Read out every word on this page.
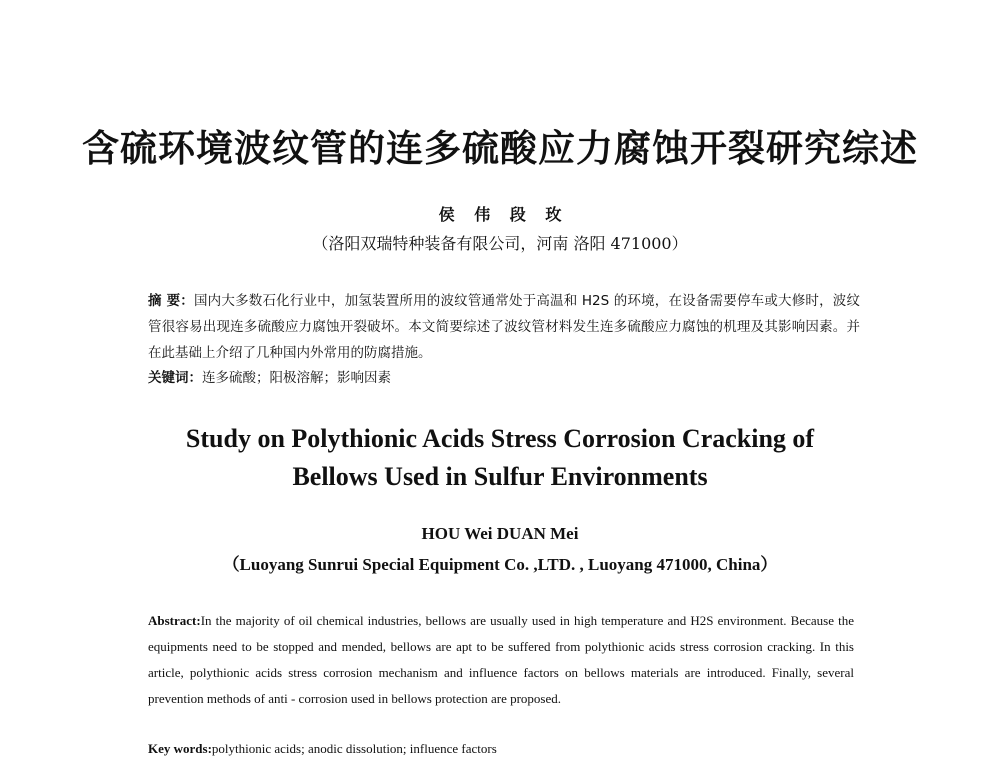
含硫环境波纹管的连多硫酸应力腐蚀开裂研究综述
侯 伟 段 玫
（洛阳双瑞特种装备有限公司，河南 洛阳 471000）
摘 要：国内大多数石化行业中，加氢装置所用的波纹管通常处于高温和 H2S 的环境，在设备需要停车或大修时，波纹管很容易出现连多硫酸应力腐蚀开裂破坏。本文简要综述了波纹管材料发生连多硫酸应力腐蚀的机理及其影响因素。并在此基础上介绍了几种国内外常用的防腐措施。
关键词：连多硫酸；阳极溶解；影响因素
Study on Polythionic Acids Stress Corrosion Cracking of
Bellows Used in Sulfur Environments
HOU Wei DUAN Mei
（Luoyang Sunrui Special Equipment Co. ,LTD. , Luoyang 471000, China）
Abstract:In the majority of oil chemical industries, bellows are usually used in high temperature and H2S environment. Because the equipments need to be stopped and mended, bellows are apt to be suffered from polythionic acids stress corrosion cracking. In this article, polythionic acids stress corrosion mechanism and influence factors on bellows materials are introduced. Finally, several prevention methods of anti - corrosion used in bellows protection are proposed.
Key words:polythionic acids; anodic dissolution; influence factors
